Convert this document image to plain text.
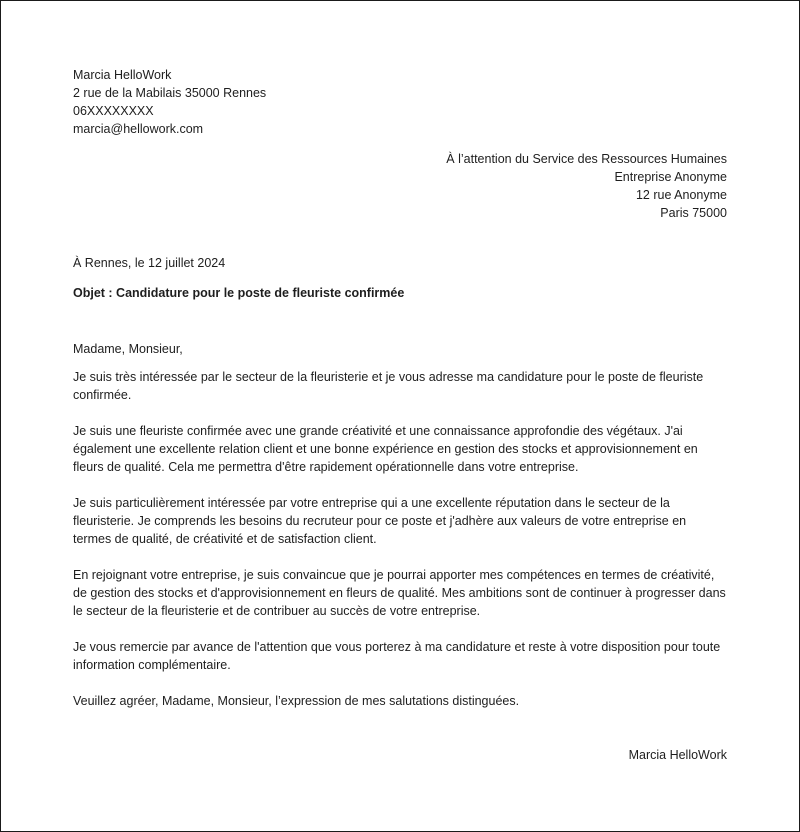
Marcia HelloWork
2 rue de la Mabilais 35000 Rennes
06XXXXXXXX
marcia@hellowork.com
À l’attention du Service des Ressources Humaines
Entreprise Anonyme
12 rue Anonyme
Paris 75000
À Rennes, le 12 juillet 2024
Objet : Candidature pour le poste de fleuriste confirmée
Madame, Monsieur,

Je suis très intéressée par le secteur de la fleuristerie et je vous adresse ma candidature pour le poste de fleuriste confirmée.

Je suis une fleuriste confirmée avec une grande créativité et une connaissance approfondie des végétaux. J'ai également une excellente relation client et une bonne expérience en gestion des stocks et approvisionnement en fleurs de qualité. Cela me permettra d'être rapidement opérationnelle dans votre entreprise.

Je suis particulièrement intéressée par votre entreprise qui a une excellente réputation dans le secteur de la fleuristerie. Je comprends les besoins du recruteur pour ce poste et j'adhère aux valeurs de votre entreprise en termes de qualité, de créativité et de satisfaction client.

En rejoignant votre entreprise, je suis convaincue que je pourrai apporter mes compétences en termes de créativité, de gestion des stocks et d'approvisionnement en fleurs de qualité. Mes ambitions sont de continuer à progresser dans le secteur de la fleuristerie et de contribuer au succès de votre entreprise.

Je vous remercie par avance de l'attention que vous porterez à ma candidature et reste à votre disposition pour toute information complémentaire.

Veuillez agréer, Madame, Monsieur, l’expression de mes salutations distinguées.
Marcia HelloWork
